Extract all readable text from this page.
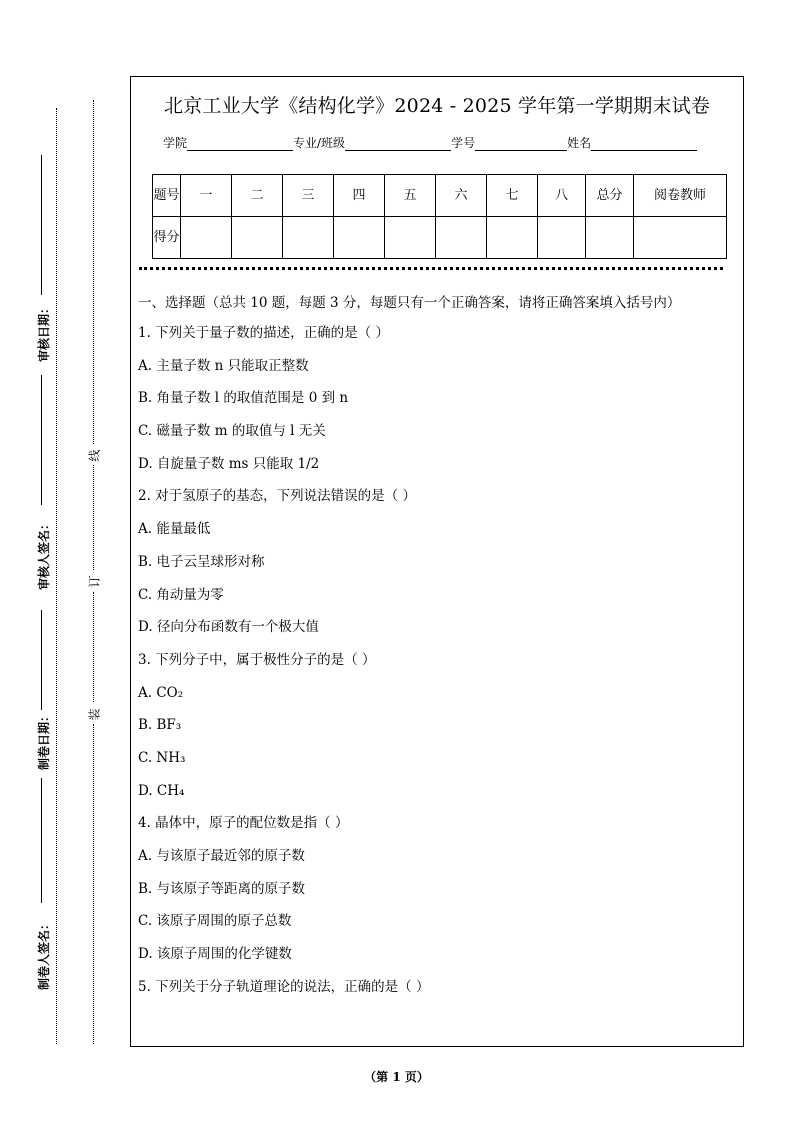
审核日期：
审核人签名：
制卷日期：
制卷人签名：
线
订
装
北京工业大学《结构化学》2024 - 2025 学年第一学期期末试卷
学院	专业/班级	学号	姓名
题号	一	二	三	四	五	六	七	八	总分	阅卷教师
得分										
一、选择题（总共 10 题，每题 3 分，每题只有一个正确答案，请将正确答案填入括号内）
1. 下列关于量子数的描述，正确的是（ ）
A. 主量子数 n 只能取正整数
B. 角量子数 l 的取值范围是 0 到 n
C. 磁量子数 m 的取值与 l 无关
D. 自旋量子数 ms 只能取 1/2
2. 对于氢原子的基态，下列说法错误的是（ ）
A. 能量最低
B. 电子云呈球形对称
C. 角动量为零
D. 径向分布函数有一个极大值
3. 下列分子中，属于极性分子的是（ ）
A. CO₂
B. BF₃
C. NH₃
D. CH₄
4. 晶体中，原子的配位数是指（ ）
A. 与该原子最近邻的原子数
B. 与该原子等距离的原子数
C. 该原子周围的原子总数
D. 该原子周围的化学键数
5. 下列关于分子轨道理论的说法，正确的是（ ）
（第 1 页）
